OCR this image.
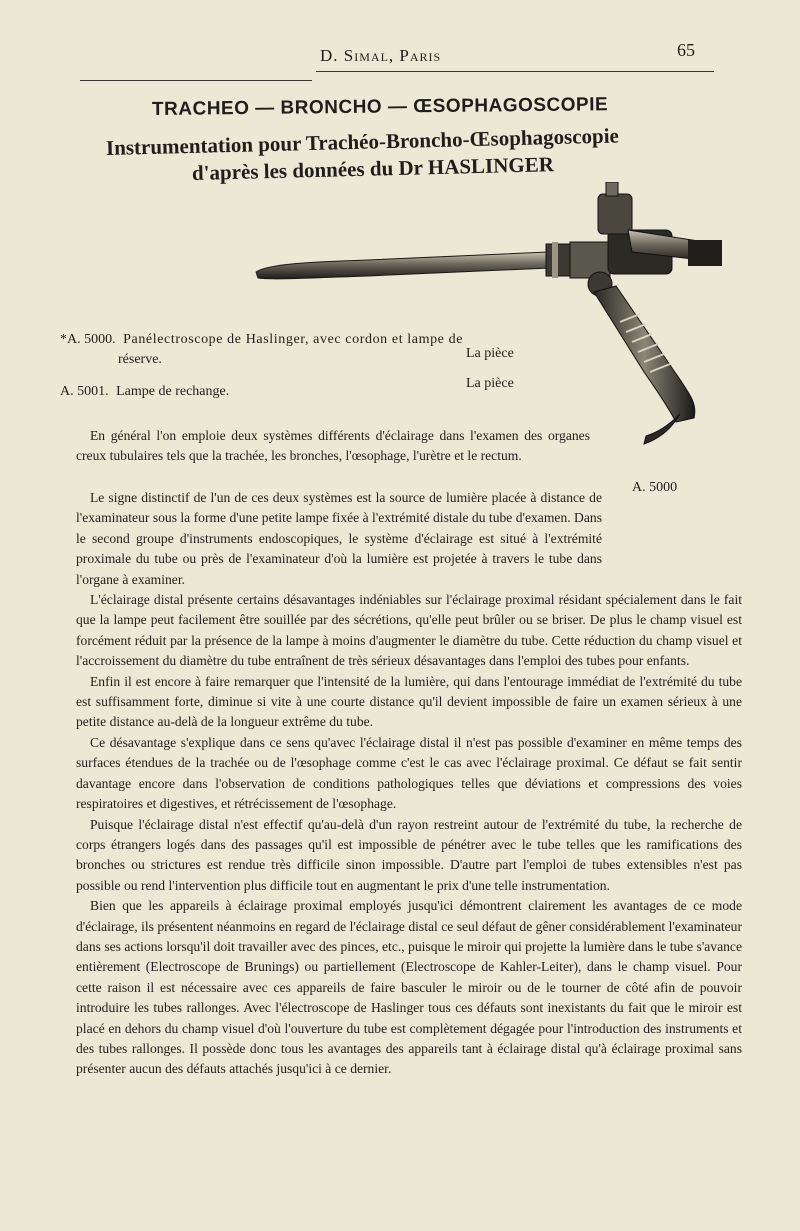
D. Simal, Paris	65
TRACHEO — BRONCHO — ŒSOPHAGOSCOPIE
Instrumentation pour Trachéo-Broncho-Œsophagoscopie
d'après les données du Dr HASLINGER
*A. 5000. Panélectroscope de Haslinger, avec cordon et lampe de
réserve.	La pièce
A. 5001. Lampe de rechange.
La pièce
A. 5000

En général l'on emploie deux systèmes différents d'éclairage dans l'examen des organes creux tubulaires tels que la trachée, les bronches, l'œsophage, l'urètre et le rectum.

Le signe distinctif de l'un de ces deux systèmes est la source de lumière placée à distance de l'examinateur sous la forme d'une petite lampe fixée à l'extrémité distale du tube d'examen. Dans le second groupe d'instruments endoscopiques, le système d'éclairage est situé à l'extrémité proximale du tube ou près de l'examinateur d'où la lumière est projetée à travers le tube dans l'organe à examiner.

L'éclairage distal présente certains désavantages indéniables sur l'éclairage proximal résidant spécialement dans le fait que la lampe peut facilement être souillée par des sécrétions, qu'elle peut brûler ou se briser. De plus le champ visuel est forcément réduit par la présence de la lampe à moins d'augmenter le diamètre du tube. Cette réduction du champ visuel et l'accroissement du diamètre du tube entraînent de très sérieux désavantages dans l'emploi des tubes pour enfants.

Enfin il est encore à faire remarquer que l'intensité de la lumière, qui dans l'entourage immédiat de l'extrémité du tube est suffisamment forte, diminue si vite à une courte distance qu'il devient impossible de faire un examen sérieux à une petite distance au-delà de la longueur extrême du tube.

Ce désavantage s'explique dans ce sens qu'avec l'éclairage distal il n'est pas possible d'examiner en même temps des surfaces étendues de la trachée ou de l'œsophage comme c'est le cas avec l'éclairage proximal. Ce défaut se fait sentir davantage encore dans l'observation de conditions pathologiques telles que déviations et compressions des voies respiratoires et digestives, et rétrécissement de l'œsophage.

Puisque l'éclairage distal n'est effectif qu'au-delà d'un rayon restreint autour de l'extrémité du tube, la recherche de corps étrangers logés dans des passages qu'il est impossible de pénétrer avec le tube telles que les ramifications des bronches ou strictures est rendue très difficile sinon impossible. D'autre part l'emploi de tubes extensibles n'est pas possible ou rend l'intervention plus difficile tout en augmentant le prix d'une telle instrumentation.

Bien que les appareils à éclairage proximal employés jusqu'ici démontrent clairement les avantages de ce mode d'éclairage, ils présentent néanmoins en regard de l'éclairage distal ce seul défaut de gêner considérablement l'examinateur dans ses actions lorsqu'il doit travailler avec des pinces, etc., puisque le miroir qui projette la lumière dans le tube s'avance entièrement (Electroscope de Brunings) ou partiellement (Electroscope de Kahler-Leiter), dans le champ visuel. Pour cette raison il est nécessaire avec ces appareils de faire basculer le miroir ou de le tourner de côté afin de pouvoir introduire les tubes rallonges. Avec l'électroscope de Haslinger tous ces défauts sont inexistants du fait que le miroir est placé en dehors du champ visuel d'où l'ouverture du tube est complètement dégagée pour l'introduction des instruments et des tubes rallonges. Il possède donc tous les avantages des appareils tant à éclairage distal qu'à éclairage proximal sans présenter aucun des défauts attachés jusqu'ici à ce dernier.
